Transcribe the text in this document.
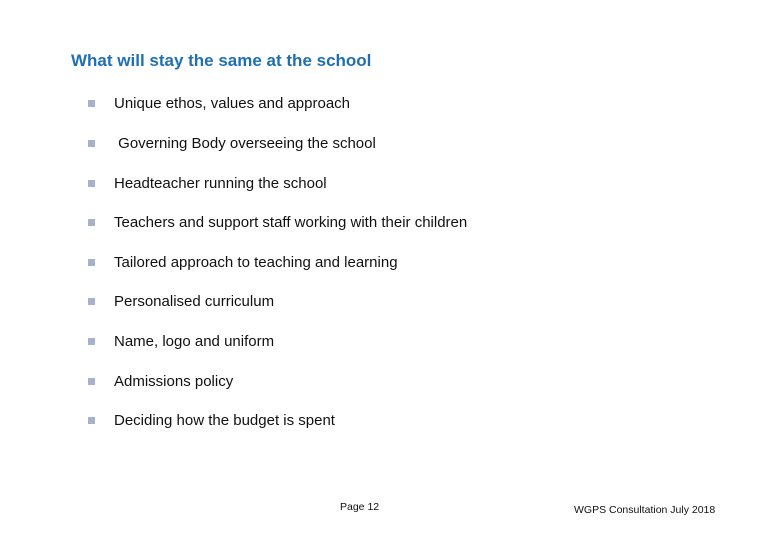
What will stay the same at the school
Unique ethos, values and approach
Governing Body overseeing the school
Headteacher running the school
Teachers and support staff working with their children
Tailored approach to teaching and learning
Personalised curriculum
Name, logo and uniform
Admissions policy
Deciding how the budget is spent
Page 12	WGPS Consultation July 2018
